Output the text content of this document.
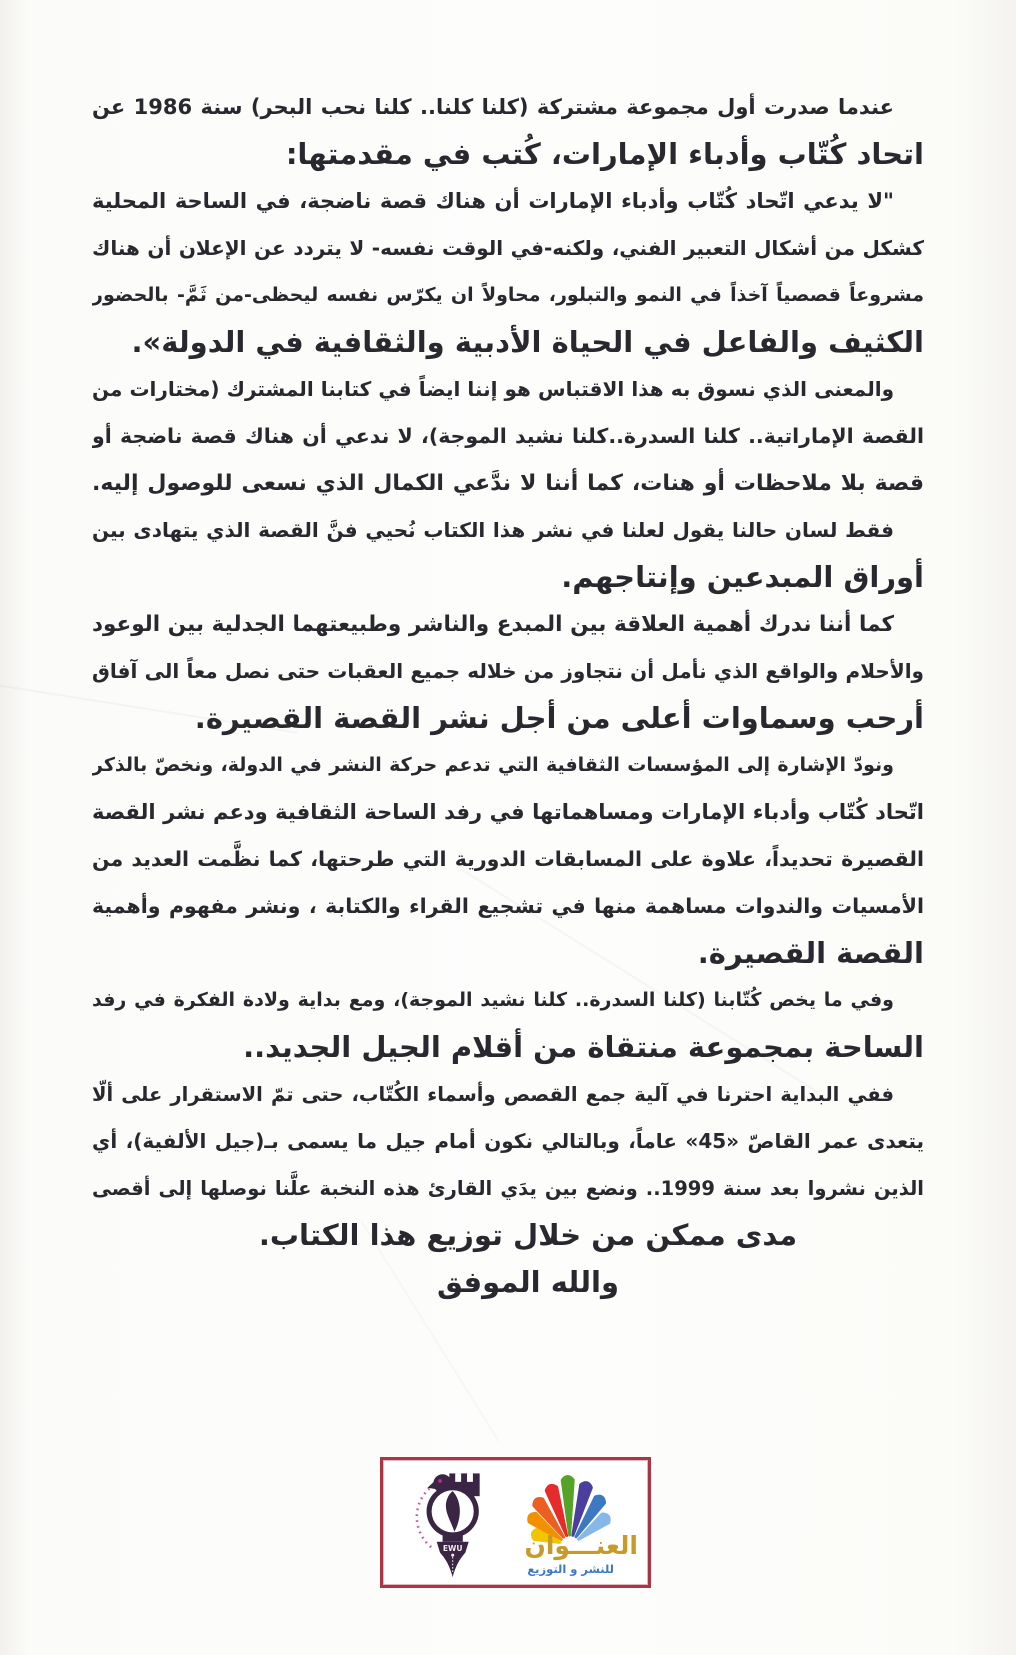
عندما صدرت أول مجموعة مشتركة (كلنا كلنا.. كلنا نحب البحر) سنة 1986 عن
اتحاد كُتّاب وأدباء الإمارات، كُتب في مقدمتها:
"لا يدعي اتّحاد كُتّاب وأدباء الإمارات أن هناك قصة ناضجة، في الساحة المحلية
كشكل من أشكال التعبير الفني، ولكنه-في الوقت نفسه- لا يتردد عن الإعلان أن هناك
مشروعاً قصصياً آخذاً في النمو والتبلور، محاولاً ان يكرّس نفسه ليحظى-من ثَمَّ- بالحضور
الكثيف والفاعل في الحياة الأدبية والثقافية في الدولة».
والمعنى الذي نسوق به هذا الاقتباس هو إننا ايضاً في كتابنا المشترك (مختارات من
القصة الإماراتية.. كلنا السدرة..كلنا نشيد الموجة)، لا ندعي أن هناك قصة ناضجة أو
قصة بلا ملاحظات أو هنات، كما أننا لا ندَّعي الكمال الذي نسعى للوصول إليه.
فقط لسان حالنا يقول لعلنا في نشر هذا الكتاب نُحيي فنَّ القصة الذي يتهادى بين
أوراق المبدعين وإنتاجهم.
كما أننا ندرك أهمية العلاقة بين المبدع والناشر وطبيعتهما الجدلية بين الوعود
والأحلام والواقع الذي نأمل أن نتجاوز من خلاله جميع العقبات حتى نصل معاً الى آفاق
أرحب وسماوات أعلى من أجل نشر القصة القصيرة.
ونودّ الإشارة إلى المؤسسات الثقافية التي تدعم حركة النشر في الدولة، ونخصّ بالذكر
اتّحاد كُتّاب وأدباء الإمارات ومساهماتها في رفد الساحة الثقافية ودعم نشر القصة
القصيرة تحديداً، علاوة على المسابقات الدورية التي طرحتها، كما نظَّمت العديد من
الأمسيات والندوات مساهمة منها في تشجيع القراء والكتابة ، ونشر مفهوم وأهمية
القصة القصيرة.
وفي ما يخص كُتّابنا (كلنا السدرة.. كلنا نشيد الموجة)، ومع بداية ولادة الفكرة في رفد
الساحة بمجموعة منتقاة من أقلام الجيل الجديد..
ففي البداية احترنا في آلية جمع القصص وأسماء الكُتّاب، حتى تمّ الاستقرار على ألّا
يتعدى عمر القاصّ «45» عاماً، وبالتالي نكون أمام جيل ما يسمى بـ(جيل الألفية)، أي
الذين نشروا بعد سنة 1999.. ونضع بين يدَي القارئ هذه النخبة علَّنا نوصلها إلى أقصى
مدى ممكن من خلال توزيع هذا الكتاب.
والله الموفق
EWU العنـــوان
للنشر و التوزيع
